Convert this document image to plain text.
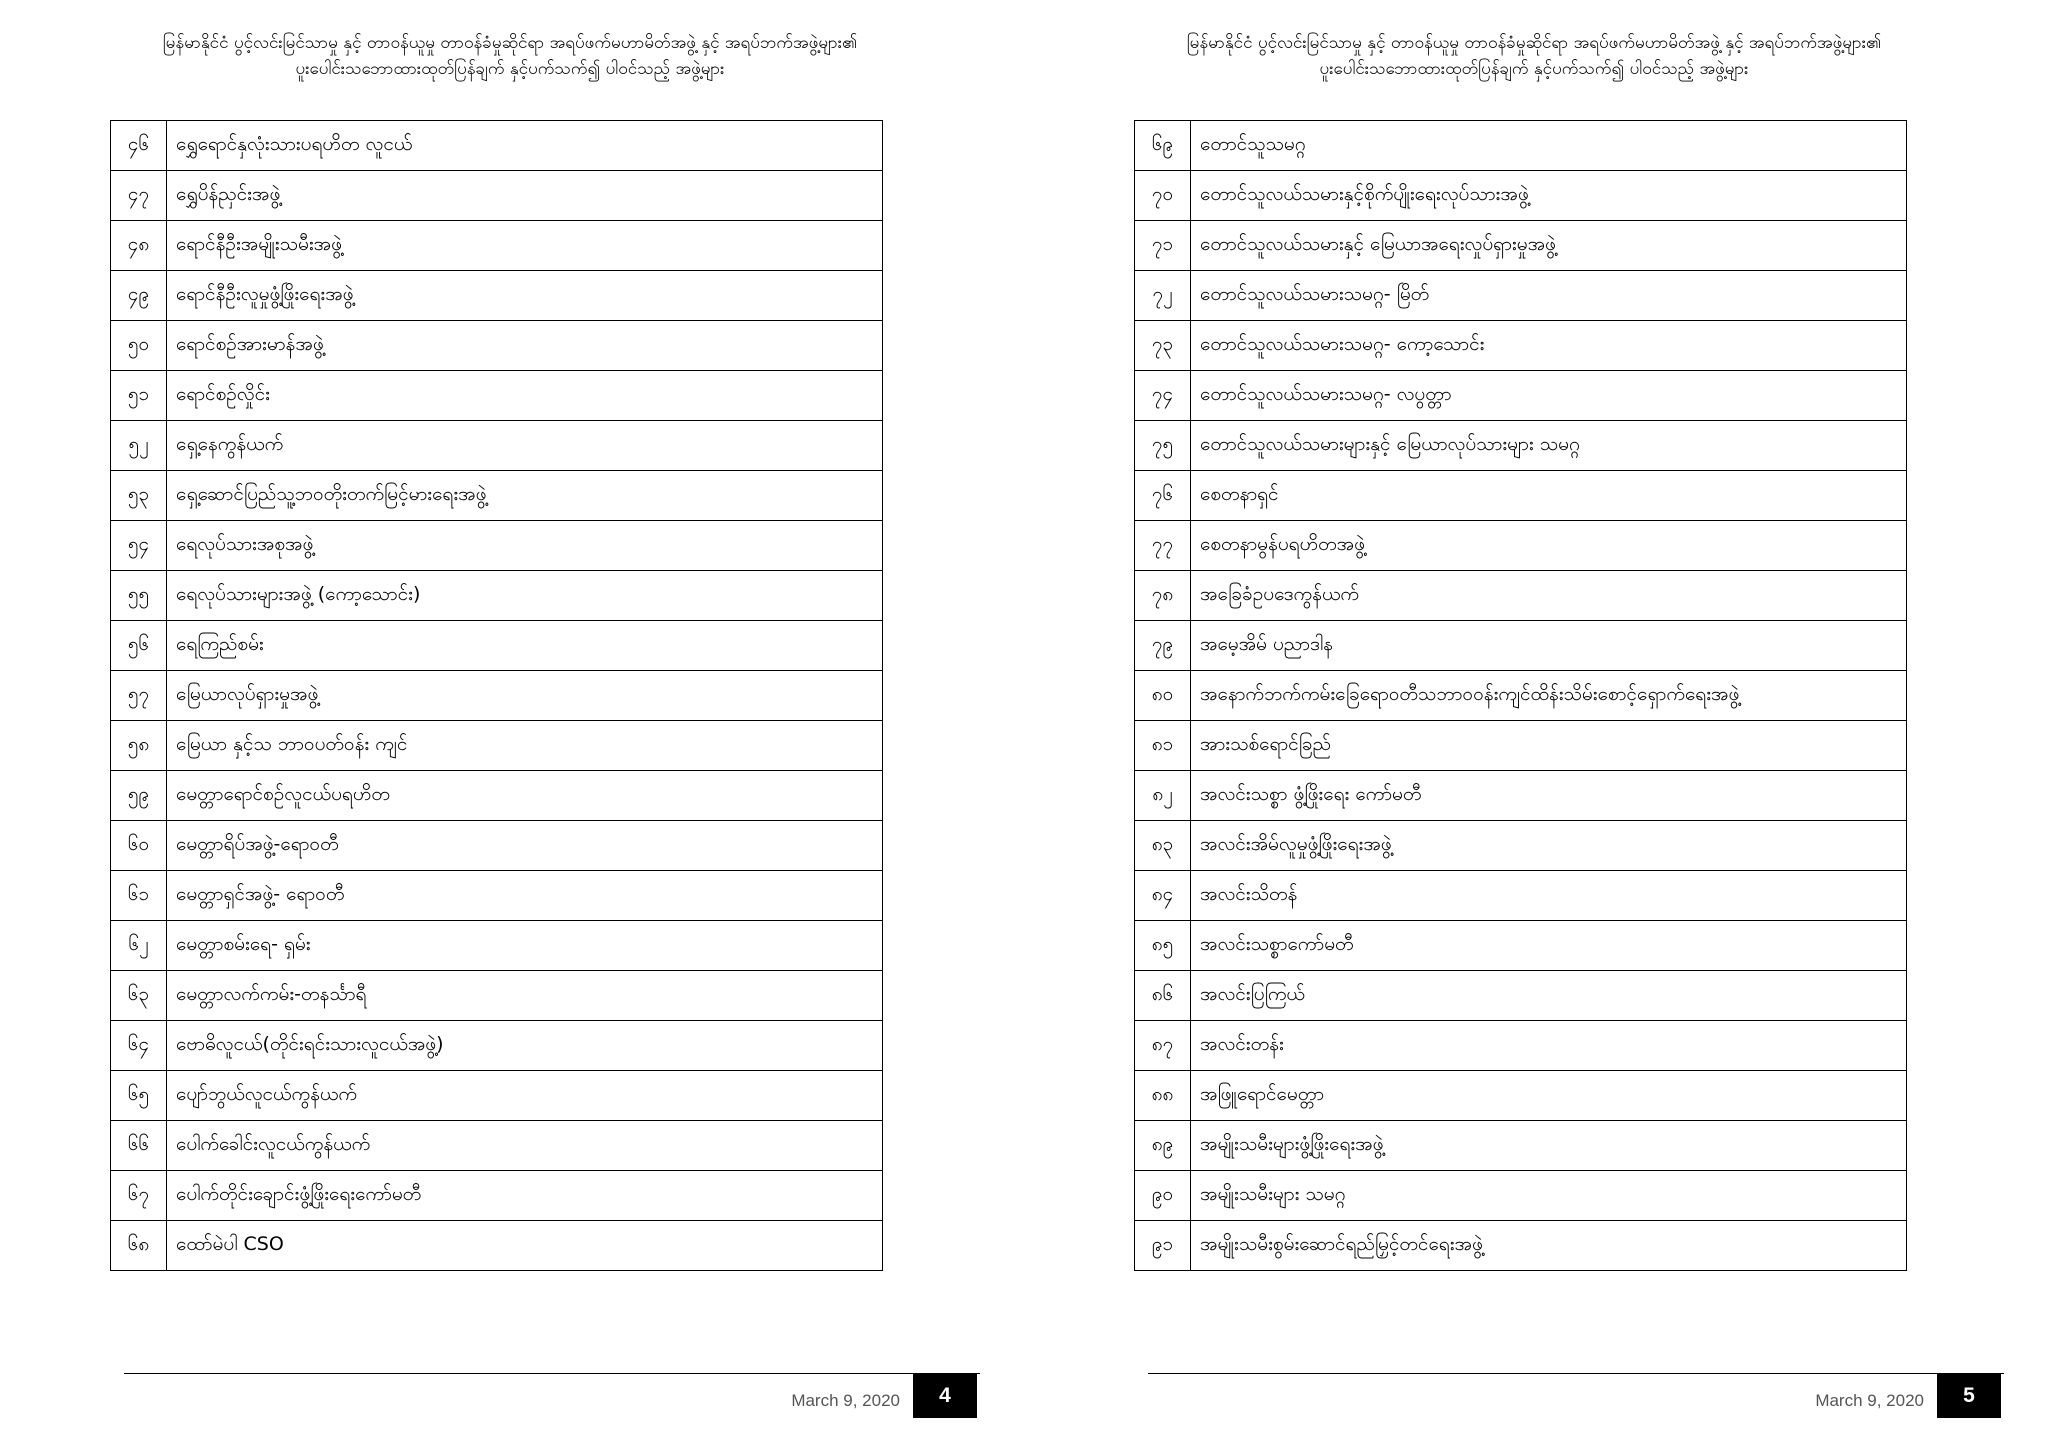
မြန်မာနိုင်ငံ ပွင့်လင်းမြင်သာမှု နှင့် တာဝန်ယူမှု တာဝန်ခံမှုဆိုင်ရာ အရပ်ဖက်မဟာမိတ်အဖွဲ့ နှင့် အရပ်ဘက်အဖွဲ့များ၏
ပူးပေါင်းသဘောထားထုတ်ပြန်ချက် နှင့်ပက်သက်၍ ပါဝင်သည့် အဖွဲ့များ
၄၆	ရွှေရောင်နှလုံးသားပရဟိတ လူငယ်
၄၇	ရွှေပိန်ညှင်းအဖွဲ့
၄၈	ရောင်နီဦးအမျိုးသမီးအဖွဲ့
၄၉	ရောင်နီဦးလူမှုဖွံ့ဖြိုးရေးအဖွဲ့
၅၀	ရောင်စဉ်အားမာန်အဖွဲ့
၅၁	ရောင်စဉ်လှိုင်း
၅၂	ရှေ့နေကွန်ယက်
၅၃	ရှေ့ဆောင်ပြည်သူ့ဘဝတိုးတက်မြင့်မားရေးအဖွဲ့
၅၄	ရေလုပ်သားအစုအဖွဲ့
၅၅	ရေလုပ်သားများအဖွဲ့ (ကော့သောင်း)
၅၆	ရေကြည်စမ်း
၅၇	မြေယာလုပ်ရှားမှုအဖွဲ့
၅၈	မြေယာ နှင့်သ ဘာဝပတ်ဝန်း ကျင်
၅၉	မေတ္တာရောင်စဉ်လူငယ်ပရဟိတ
၆၀	မေတ္တာရိပ်အဖွဲ့-ရောဝတီ
၆၁	မေတ္တာရှင်အဖွဲ့- ရောဝတီ
၆၂	မေတ္တာစမ်းရေ- ရှမ်း
၆၃	မေတ္တာလက်ကမ်း-တနင်္သာရီ
၆၄	ဗောဓိလူငယ်(တိုင်းရင်းသားလူငယ်အဖွဲ့)
၆၅	ပျော်ဘွယ်လူငယ်ကွန်ယက်
၆၆	ပေါက်ခေါင်းလူငယ်ကွန်ယက်
၆၇	ပေါက်တိုင်းချောင်းဖွံ့ဖြိုးရေးကော်မတီ
၆၈	ထော်မဲပါ CSO
March 9, 2020	4
မြန်မာနိုင်ငံ ပွင့်လင်းမြင်သာမှု နှင့် တာဝန်ယူမှု တာဝန်ခံမှုဆိုင်ရာ အရပ်ဖက်မဟာမိတ်အဖွဲ့ နှင့် အရပ်ဘက်အဖွဲ့များ၏
ပူးပေါင်းသဘောထားထုတ်ပြန်ချက် နှင့်ပက်သက်၍ ပါဝင်သည့် အဖွဲ့များ
၆၉	တောင်သူသမဂ္ဂ
၇၀	တောင်သူလယ်သမားနှင့်စိုက်ပျိုးရေးလုပ်သားအဖွဲ့
၇၁	တောင်သူလယ်သမားနှင့် မြေယာအရေးလှုပ်ရှားမှုအဖွဲ့
၇၂	တောင်သူလယ်သမားသမဂ္ဂ- မြိတ်
၇၃	တောင်သူလယ်သမားသမဂ္ဂ- ကော့သောင်း
၇၄	တောင်သူလယ်သမားသမဂ္ဂ- လပွတ္တာ
၇၅	တောင်သူလယ်သမားများနှင့် မြေယာလုပ်သားများ သမဂ္ဂ
၇၆	စေတနာရှင်
၇၇	စေတနာမွန်ပရဟိတအဖွဲ့
၇၈	အခြေခံဥပဒေကွန်ယက်
၇၉	အမေ့အိမ် ပညာဒါန
၈၀	အနောက်ဘက်ကမ်းခြေရောဝတီသဘာဝဝန်းကျင်ထိန်းသိမ်းစောင့်ရှောက်ရေးအဖွဲ့
၈၁	အားသစ်ရောင်ခြည်
၈၂	အလင်းသစ္စာ ဖွံ့ဖြိုးရေး ကော်မတီ
၈၃	အလင်းအိမ်လူမှုဖွံ့ဖြိုးရေးအဖွဲ့
၈၄	အလင်းသိတန်
၈၅	အလင်းသစ္စာကော်မတီ
၈၆	အလင်းပြကြယ်
၈၇	အလင်းတန်း
၈၈	အဖြူရောင်မေတ္တာ
၈၉	အမျိုးသမီးများဖွံ့ဖြိုးရေးအဖွဲ့
၉၀	အမျိုးသမီးများ သမဂ္ဂ
၉၁	အမျိုးသမီးစွမ်းဆောင်ရည်မြှင့်တင်ရေးအဖွဲ့
March 9, 2020	5
